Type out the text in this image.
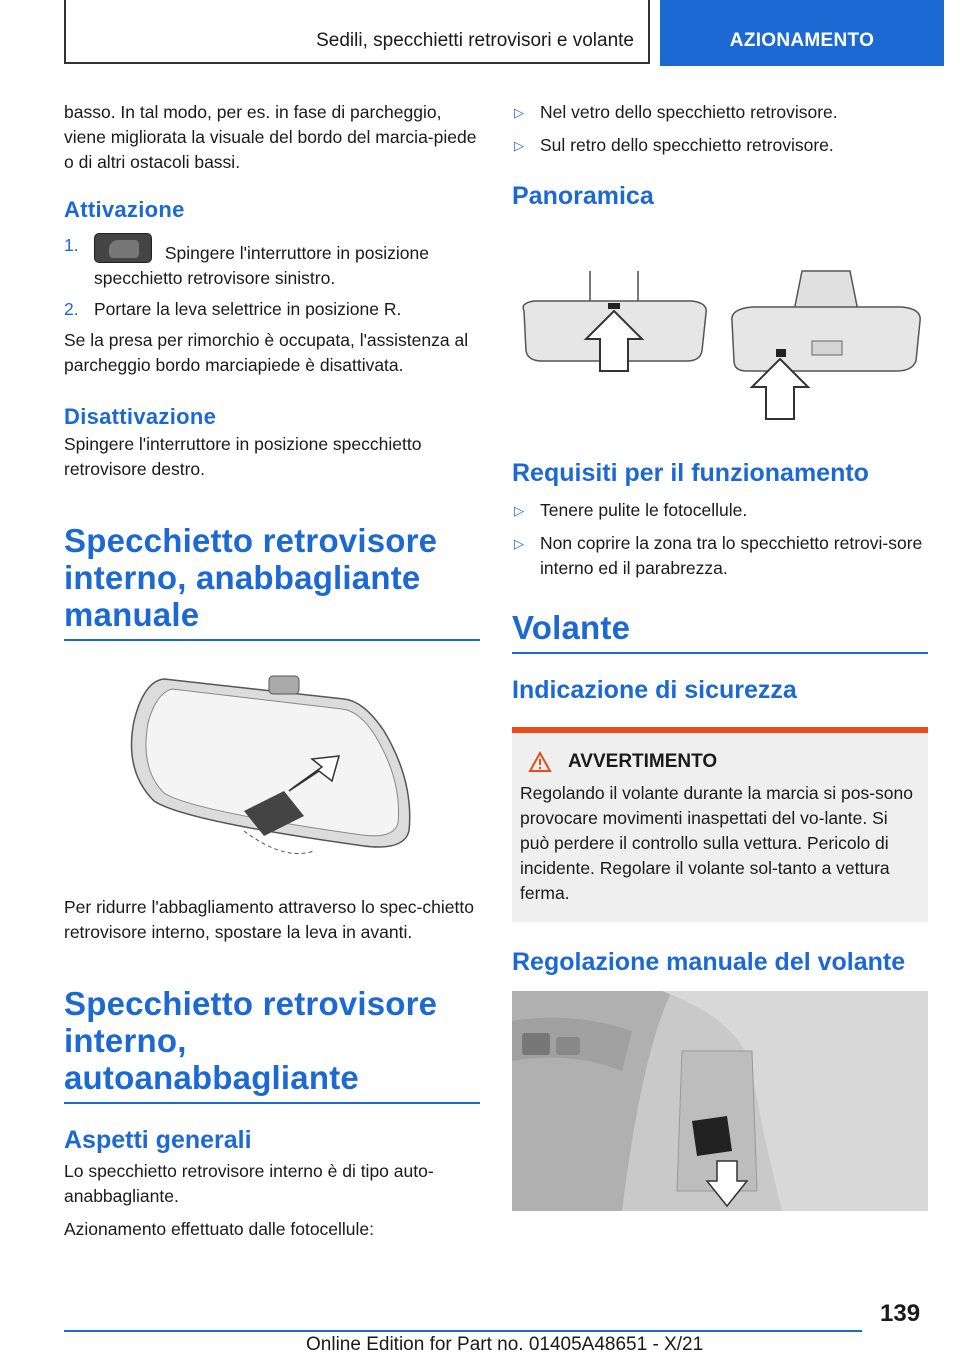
Sedili, specchietti retrovisori e volante	AZIONAMENTO

basso. In tal modo, per es. in fase di parcheggio, viene migliorata la visuale del bordo del marcia-piede o di altri ostacoli bassi.

Attivazione
1.	Spingere l'interruttore in posizione specchietto retrovisore sinistro.
2. Portare la leva selettrice in posizione R.

Se la presa per rimorchio è occupata, l'assistenza al parcheggio bordo marciapiede è disattivata.

Disattivazione

Spingere l'interruttore in posizione specchietto retrovisore destro.

Specchietto retrovisore interno, anabbagliante manuale

Per ridurre l'abbagliamento attraverso lo spec-chietto retrovisore interno, spostare la leva in avanti.

Specchietto retrovisore interno, autoanabbagliante
Aspetti generali

Lo specchietto retrovisore interno è di tipo auto-anabbagliante.

Azionamento effettuato dalle fotocellule:

▷ Nel vetro dello specchietto retrovisore.
▷ Sul retro dello specchietto retrovisore.
Panoramica
Requisiti per il funzionamento
▷ Tenere pulite le fotocellule.
▷ Non coprire la zona tra lo specchietto retrovi-sore interno ed il parabrezza.
Volante
Indicazione di sicurezza
AVVERTIMENTO

Regolando il volante durante la marcia si pos-sono provocare movimenti inaspettati del vo-lante. Si può perdere il controllo sulla vettura. Pericolo di incidente. Regolare il volante sol-tanto a vettura ferma.

Regolazione manuale del volante
139
Online Edition for Part no. 01405A48651 - X/21
